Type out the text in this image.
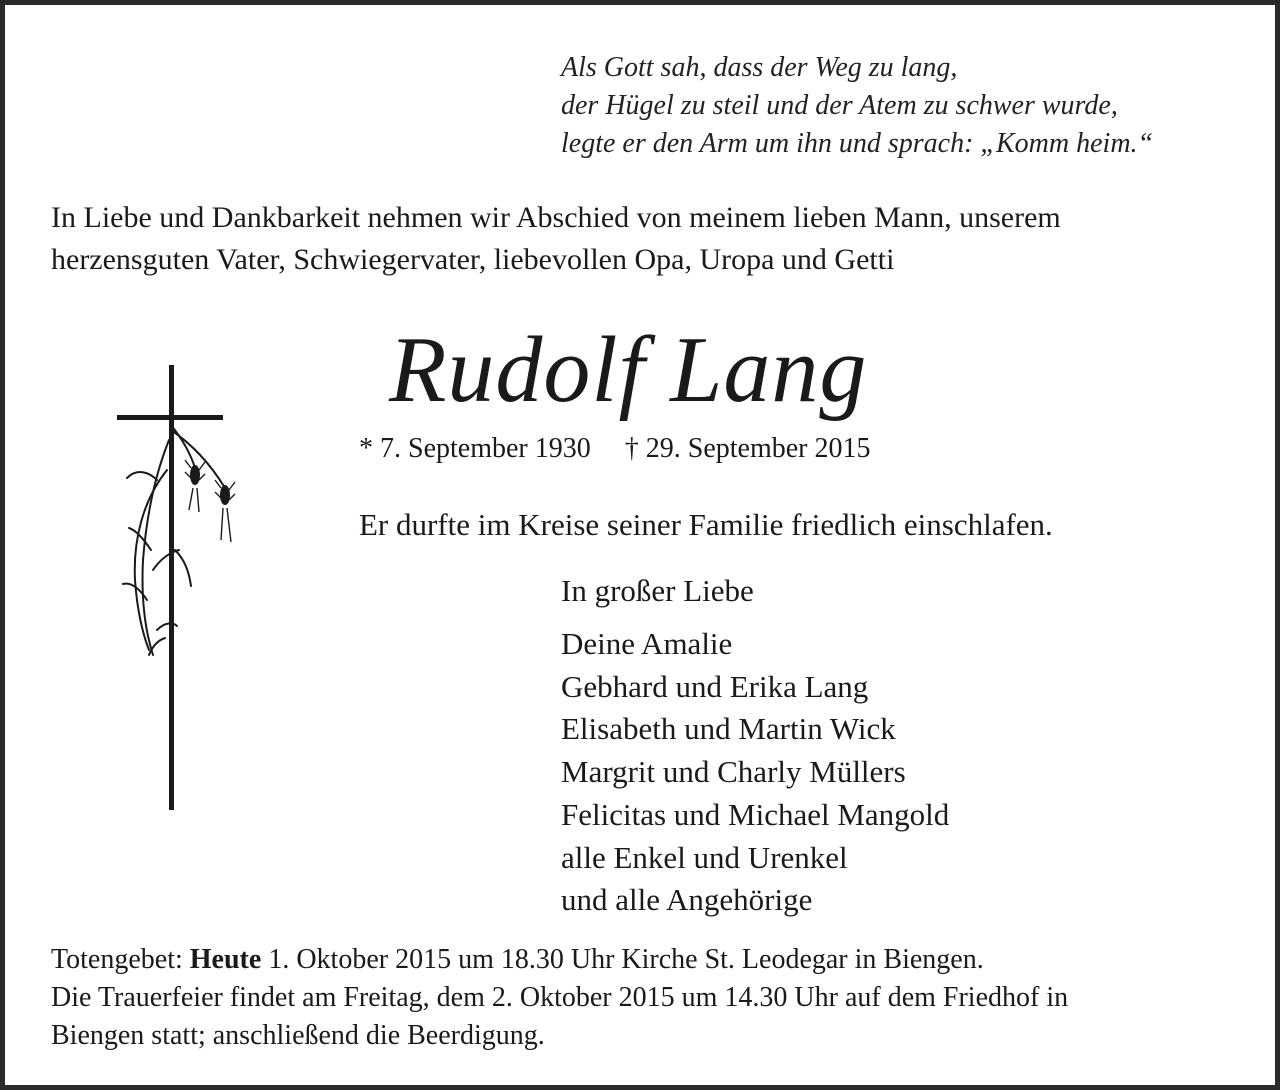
Als Gott sah, dass der Weg zu lang,
der Hügel zu steil und der Atem zu schwer wurde,
legte er den Arm um ihn und sprach: „Komm heim.“
In Liebe und Dankbarkeit nehmen wir Abschied von meinem lieben Mann, unserem
herzensguten Vater, Schwiegervater, liebevollen Opa, Uropa und Getti
Rudolf Lang
* 7. September 1930 † 29. September 2015
Er durfte im Kreise seiner Familie friedlich einschlafen.
In großer Liebe
Deine Amalie
Gebhard und Erika Lang
Elisabeth und Martin Wick
Margrit und Charly Müllers
Felicitas und Michael Mangold
alle Enkel und Urenkel
und alle Angehörige
Totengebet: Heute 1. Oktober 2015 um 18.30 Uhr Kirche St. Leodegar in Biengen.
Die Trauerfeier findet am Freitag, dem 2. Oktober 2015 um 14.30 Uhr auf dem Friedhof in
Biengen statt; anschließend die Beerdigung.
